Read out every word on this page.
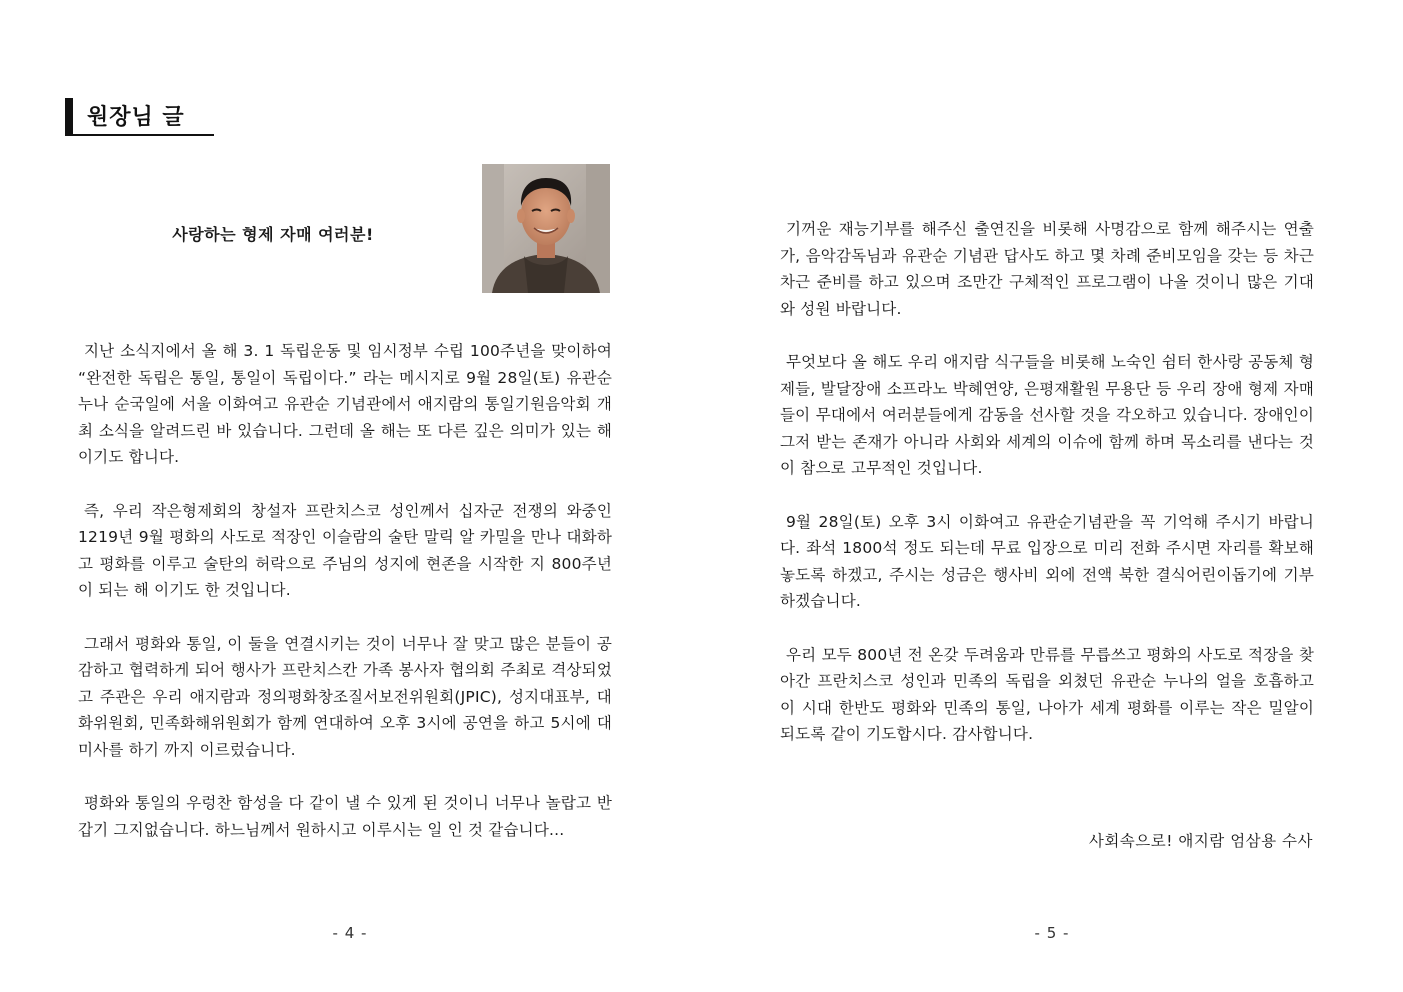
원장님 글
사랑하는 형제 자매 여러분!

지난 소식지에서 올 해 3. 1 독립운동 및 임시정부 수립 100주년을 맞이하여 “완전한 독립은 통일, 통일이 독립이다.” 라는 메시지로 9월 28일(토) 유관순 누나 순국일에 서울 이화여고 유관순 기념관에서 애지람의 통일기원음악회 개최 소식을 알려드린 바 있습니다. 그런데 올 해는 또 다른 깊은 의미가 있는 해 이기도 합니다.

즉, 우리 작은형제회의 창설자 프란치스코 성인께서 십자군 전쟁의 와중인 1219년 9월 평화의 사도로 적장인 이슬람의 술탄 말릭 알 카밀을 만나 대화하고 평화를 이루고 술탄의 허락으로 주님의 성지에 현존을 시작한 지 800주년이 되는 해 이기도 한 것입니다.

그래서 평화와 통일, 이 둘을 연결시키는 것이 너무나 잘 맞고 많은 분들이 공감하고 협력하게 되어 행사가 프란치스칸 가족 봉사자 협의회 주최로 격상되었고 주관은 우리 애지람과 정의평화창조질서보전위원회(JPIC), 성지대표부, 대화위원회, 민족화해위원회가 함께 연대하여 오후 3시에 공연을 하고 5시에 대미사를 하기 까지 이르렀습니다.

평화와 통일의 우렁찬 함성을 다 같이 낼 수 있게 된 것이니 너무나 놀랍고 반갑기 그지없습니다. 하느님께서 원하시고 이루시는 일 인 것 같습니다...

- 4 -

기꺼운 재능기부를 해주신 출연진을 비롯해 사명감으로 함께 해주시는 연출가, 음악감독님과 유관순 기념관 답사도 하고 몇 차례 준비모임을 갖는 등 차근차근 준비를 하고 있으며 조만간 구체적인 프로그램이 나올 것이니 많은 기대와 성원 바랍니다.

무엇보다 올 해도 우리 애지람 식구들을 비롯해 노숙인 쉼터 한사랑 공동체 형제들, 발달장애 소프라노 박혜연양, 은평재활원 무용단 등 우리 장애 형제 자매들이 무대에서 여러분들에게 감동을 선사할 것을 각오하고 있습니다. 장애인이 그저 받는 존재가 아니라 사회와 세계의 이슈에 함께 하며 목소리를 낸다는 것이 참으로 고무적인 것입니다.

9월 28일(토) 오후 3시 이화여고 유관순기념관을 꼭 기억해 주시기 바랍니다. 좌석 1800석 정도 되는데 무료 입장으로 미리 전화 주시면 자리를 확보해 놓도록 하겠고, 주시는 성금은 행사비 외에 전액 북한 결식어린이돕기에 기부하겠습니다.

우리 모두 800년 전 온갖 두려움과 만류를 무릅쓰고 평화의 사도로 적장을 찾아간 프란치스코 성인과 민족의 독립을 외쳤던 유관순 누나의 얼을 호흡하고 이 시대 한반도 평화와 민족의 통일, 나아가 세계 평화를 이루는 작은 밀알이 되도록 같이 기도합시다. 감사합니다.

사회속으로! 애지람 엄삼용 수사
- 5 -
